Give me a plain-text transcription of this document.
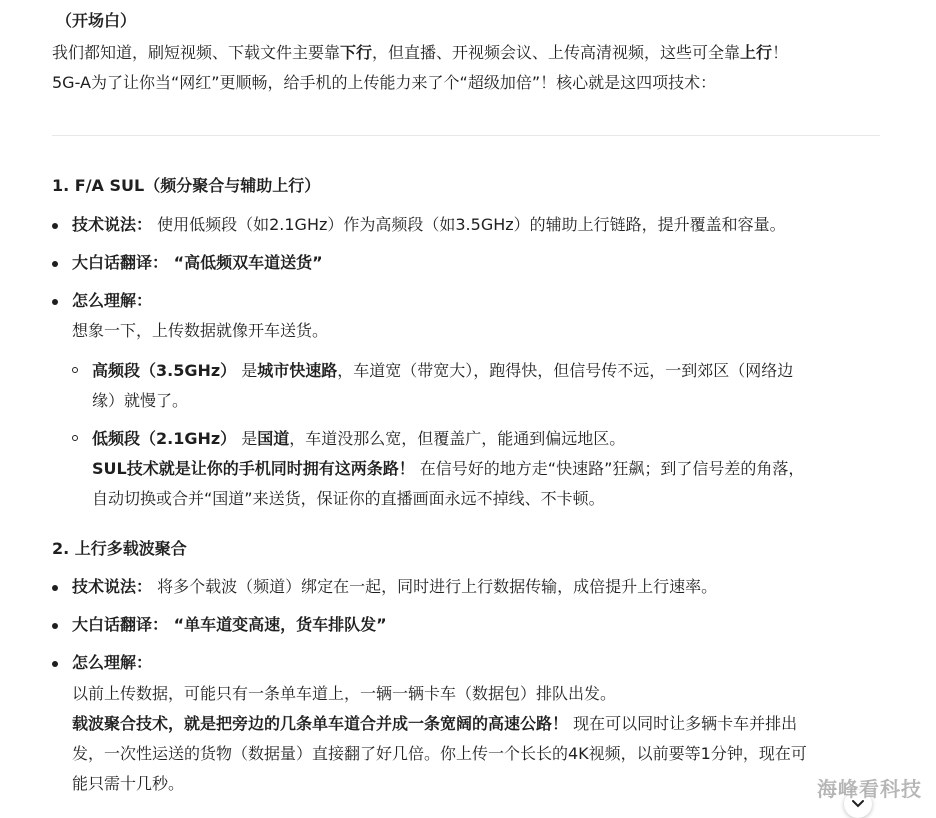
（开场白）
我们都知道，刷短视频、下载文件主要靠下行，但直播、开视频会议、上传高清视频，这些可全靠上行！
5G-A为了让你当“网红”更顺畅，给手机的上传能力来了个“超级加倍”！核心就是这四项技术：
1. F/A SUL（频分聚合与辅助上行）
技术说法： 使用低频段（如2.1GHz）作为高频段（如3.5GHz）的辅助上行链路，提升覆盖和容量。
大白话翻译： “高低频双车道送货”
怎么理解：
想象一下，上传数据就像开车送货。
高频段（3.5GHz） 是城市快速路，车道宽（带宽大），跑得快，但信号传不远，一到郊区（网络边
缘）就慢了。
低频段（2.1GHz） 是国道，车道没那么宽，但覆盖广，能通到偏远地区。
SUL技术就是让你的手机同时拥有这两条路！ 在信号好的地方走“快速路”狂飙；到了信号差的角落，
自动切换或合并“国道”来送货，保证你的直播画面永远不掉线、不卡顿。
2. 上行多载波聚合
技术说法： 将多个载波（频道）绑定在一起，同时进行上行数据传输，成倍提升上行速率。
大白话翻译： “单车道变高速，货车排队发”
怎么理解：
以前上传数据，可能只有一条单车道上，一辆一辆卡车（数据包）排队出发。
载波聚合技术，就是把旁边的几条单车道合并成一条宽阔的高速公路！ 现在可以同时让多辆卡车并排出
发，一次性运送的货物（数据量）直接翻了好几倍。你上传一个长长的4K视频，以前要等1分钟，现在可
能只需十几秒。	海峰看科技
